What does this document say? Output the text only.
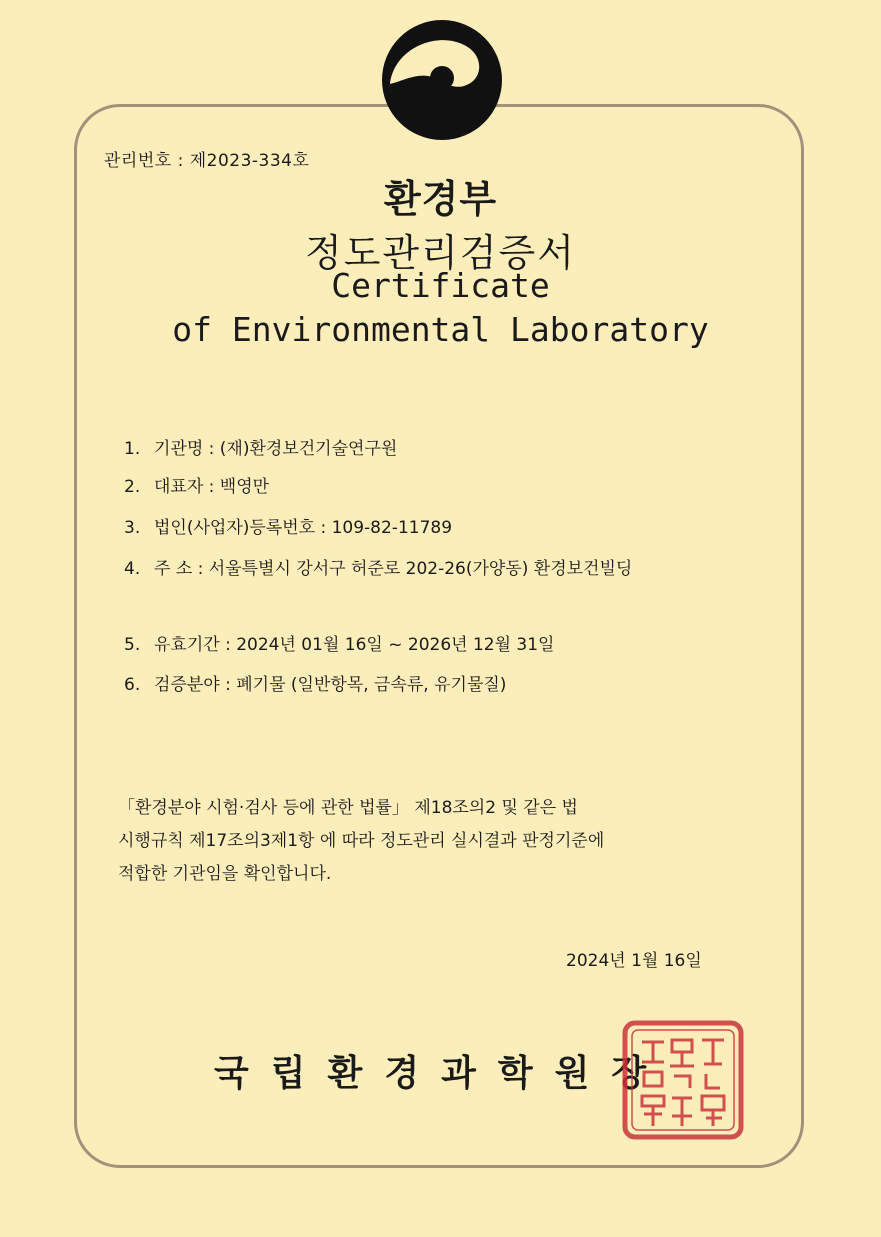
관리번호 : 제2023-334호
환경부
정도관리검증서
Certificate
of Environmental Laboratory
1. 기관명 : (재)환경보건기술연구원
2. 대표자 : 백영만
3. 법인(사업자)등록번호 : 109-82-11789
4. 주 소 : 서울특별시 강서구 허준로 202-26(가양동) 환경보건빌딩
5. 유효기간 : 2024년 01월 16일 ~ 2026년 12월 31일
6. 검증분야 : 폐기물 (일반항목, 금속류, 유기물질)
「환경분야 시험·검사 등에 관한 법률」 제18조의2 및 같은 법
시행규칙 제17조의3제1항 에 따라 정도관리 실시결과 판정기준에
적합한 기관임을 확인합니다.
2024년 1월 16일
국립환경과학원장
